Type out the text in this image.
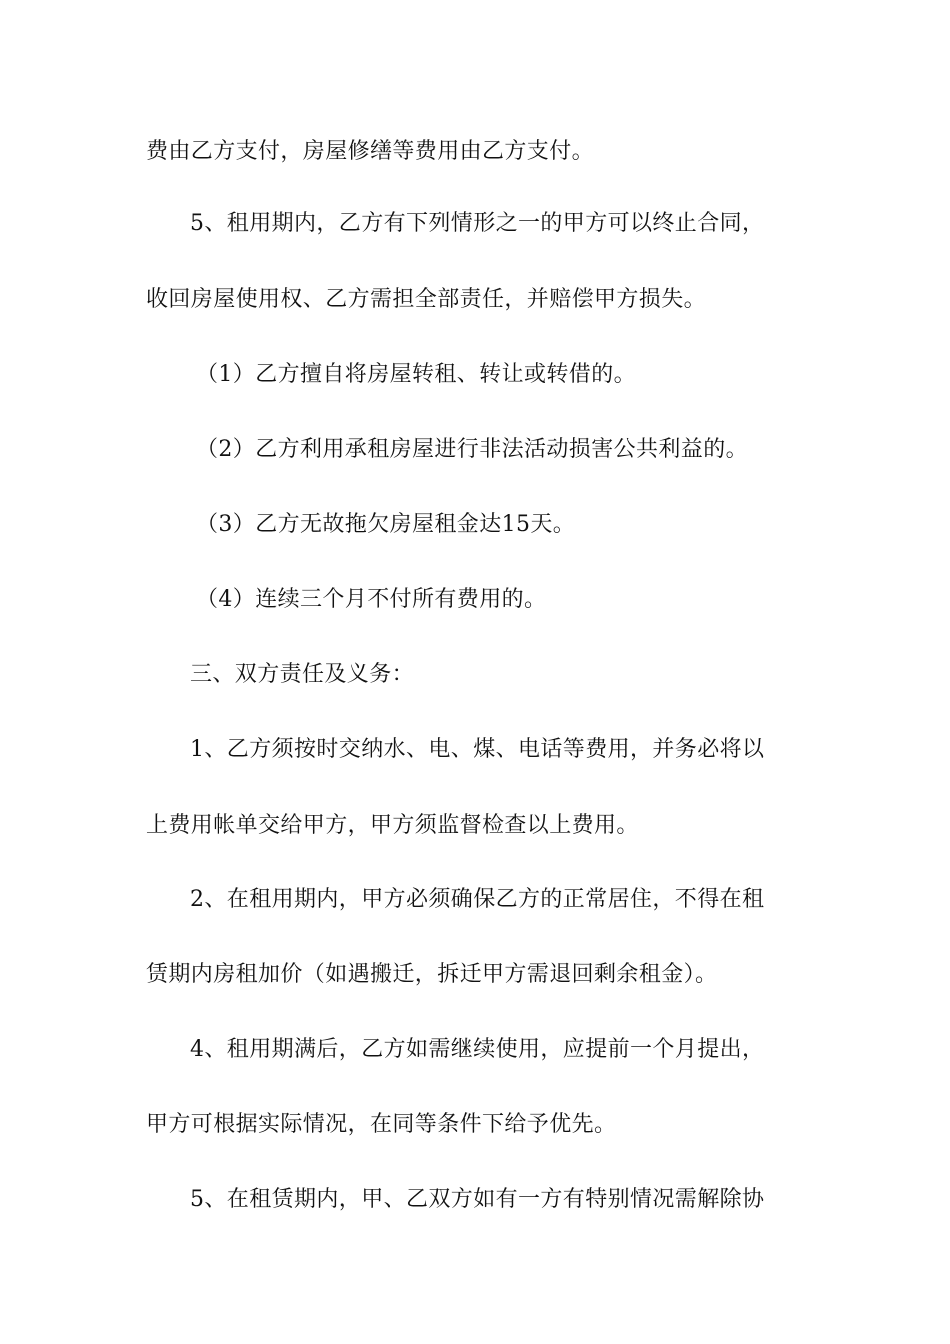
费由乙方支付，房屋修缮等费用由乙方支付。
5、租用期内，乙方有下列情形之一的甲方可以终止合同，
收回房屋使用权、乙方需担全部责任，并赔偿甲方损失。
（1）乙方擅自将房屋转租、转让或转借的。
（2）乙方利用承租房屋进行非法活动损害公共利益的。
（3）乙方无故拖欠房屋租金达15天。
（4）连续三个月不付所有费用的。
三、双方责任及义务：
1、乙方须按时交纳水、电、煤、电话等费用，并务必将以
上费用帐单交给甲方，甲方须监督检查以上费用。
2、在租用期内，甲方必须确保乙方的正常居住，不得在租
赁期内房租加价（如遇搬迁，拆迁甲方需退回剩余租金）。
4、租用期满后，乙方如需继续使用，应提前一个月提出，
甲方可根据实际情况，在同等条件下给予优先。
5、在租赁期内，甲、乙双方如有一方有特别情况需解除协
